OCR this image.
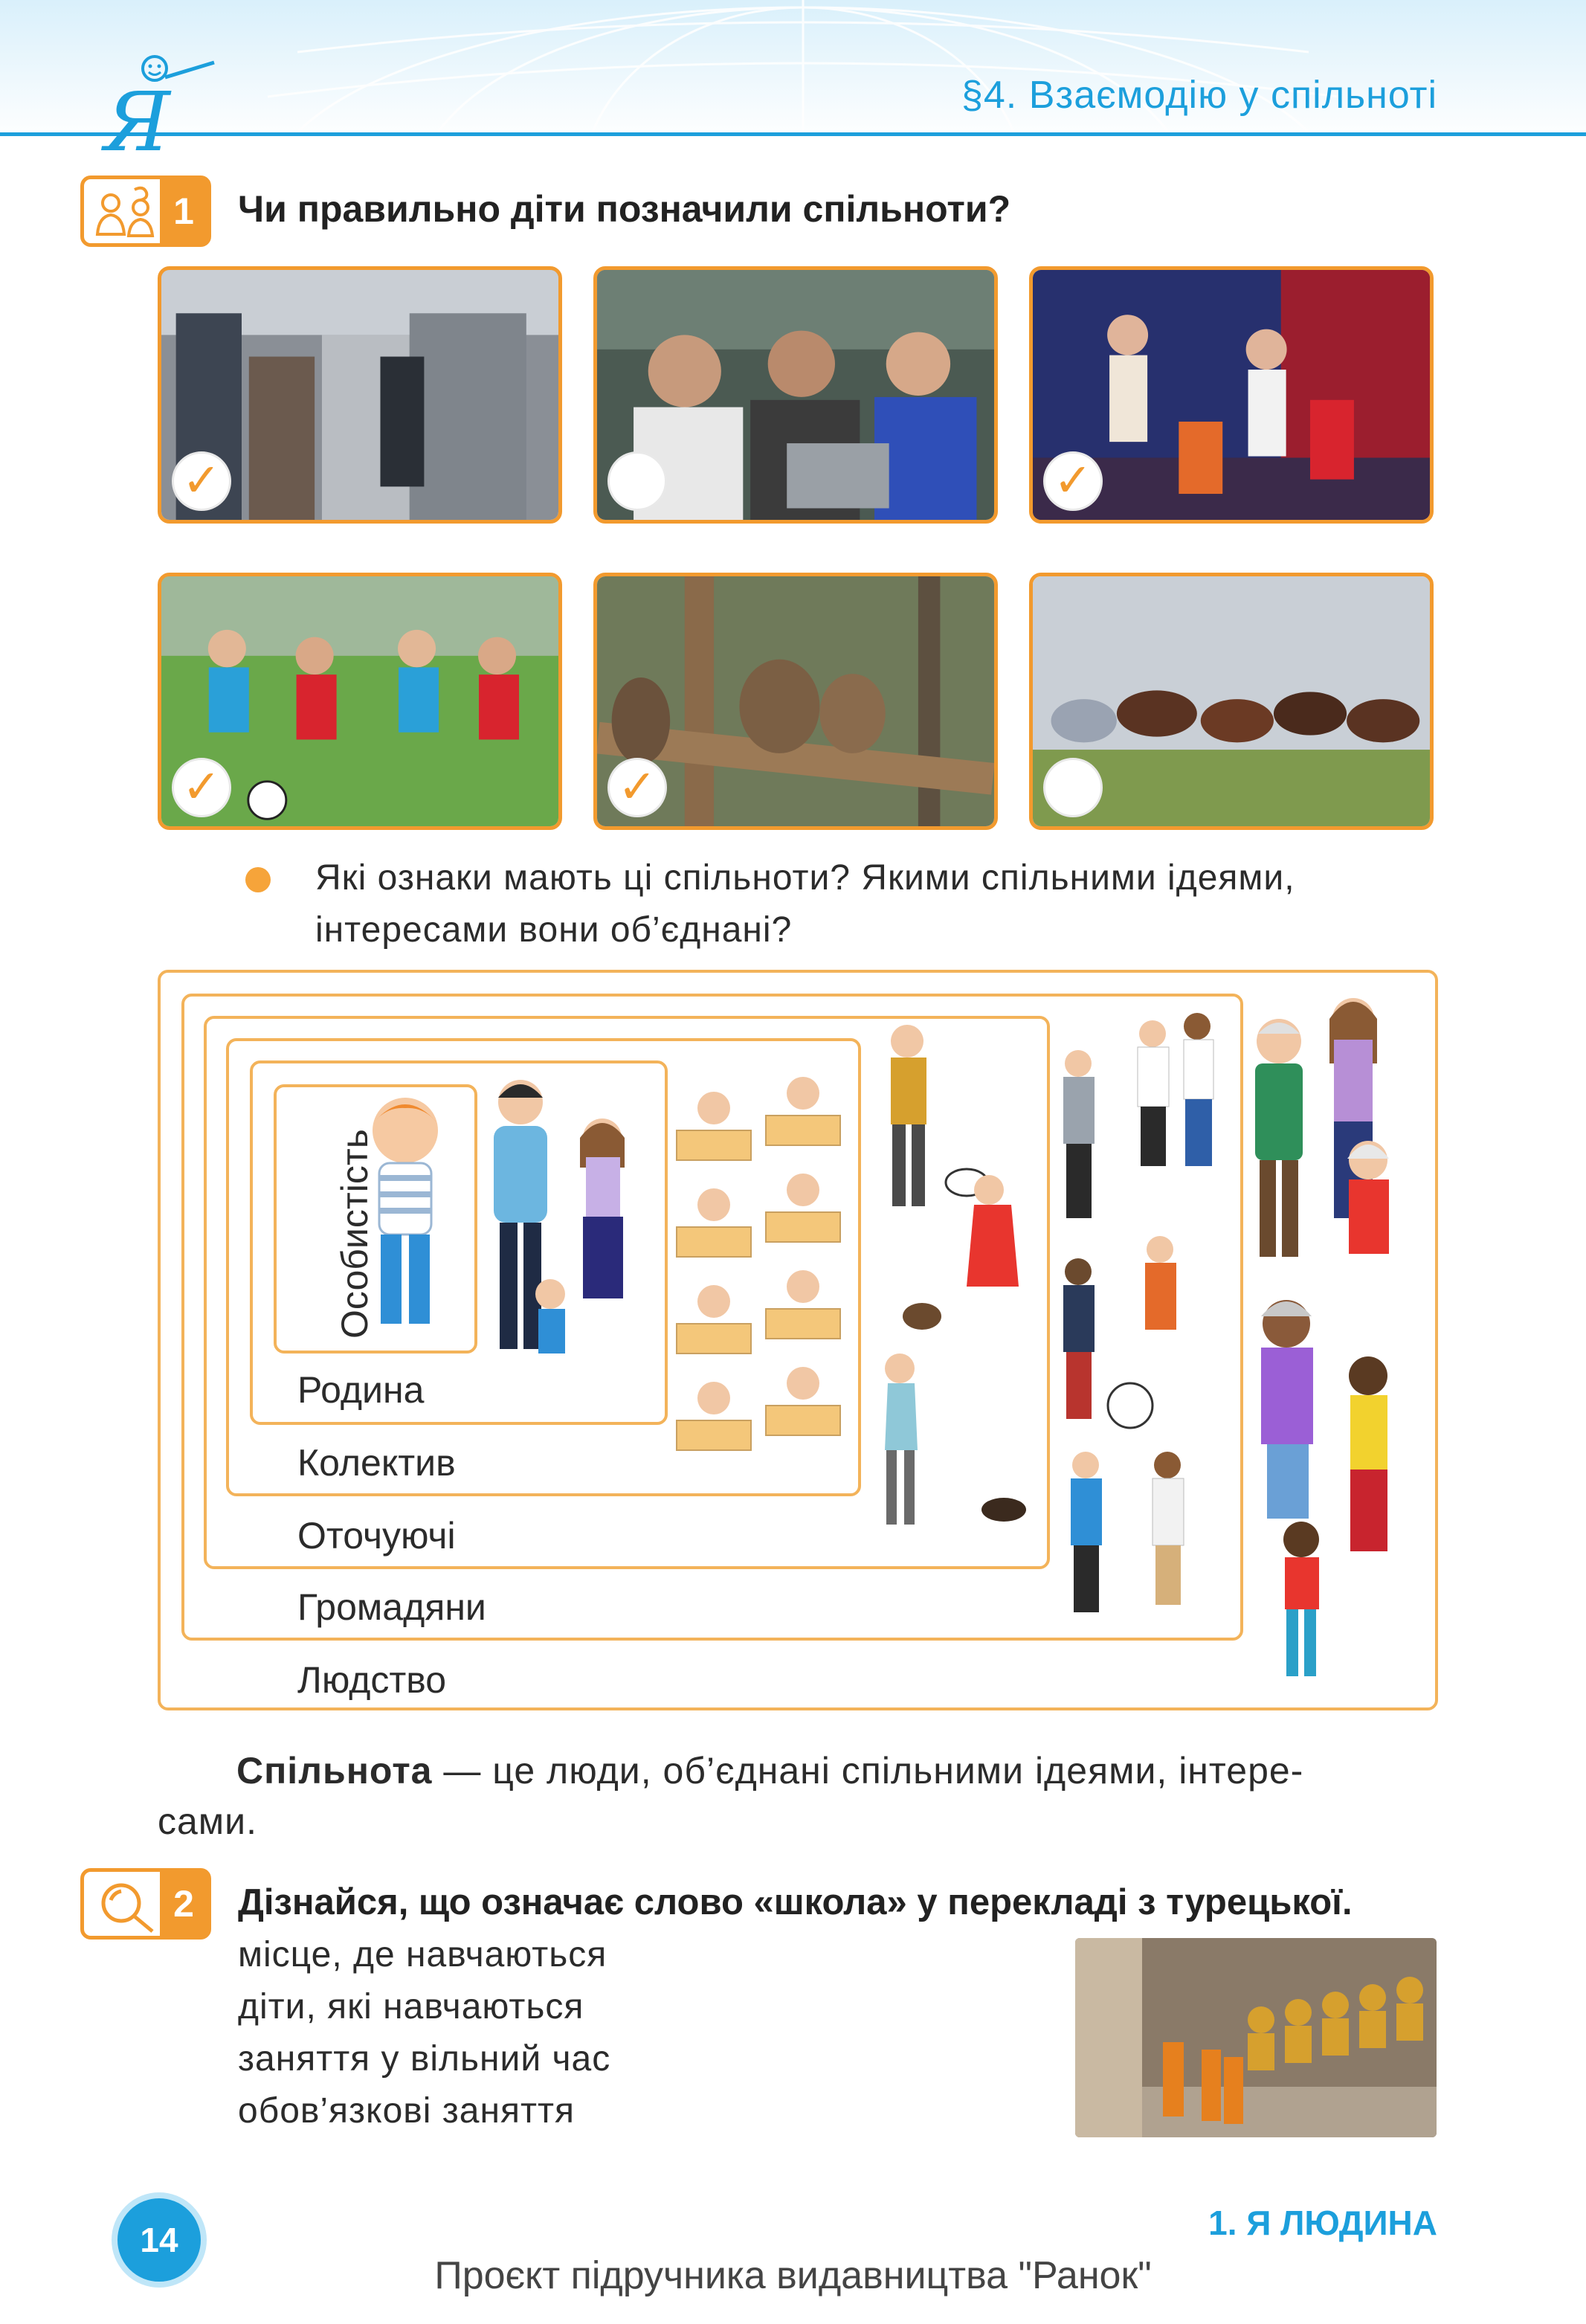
Я	§4. Взаємодію у спільноті
1	Чи правильно діти позначили спільноти?
✓	✓
✓	✓
Які ознаки мають ці спільноти? Якими спільними ідеями, інтересами вони об’єднані?
Особистість
Родина
Колектив
Оточуючі
Громадяни
Людство
Спільнота — це люди, об’єднані спільними ідеями, інтере-
сами.
2	Дізнайся, що означає слово «школа» у перекладі з турецької.
місце, де навчаються
діти, які навчаються
заняття у вільний час
обов’язкові заняття
14	1. Я ЛЮДИНА
Проєкт підручника видавництва "Ранок"
